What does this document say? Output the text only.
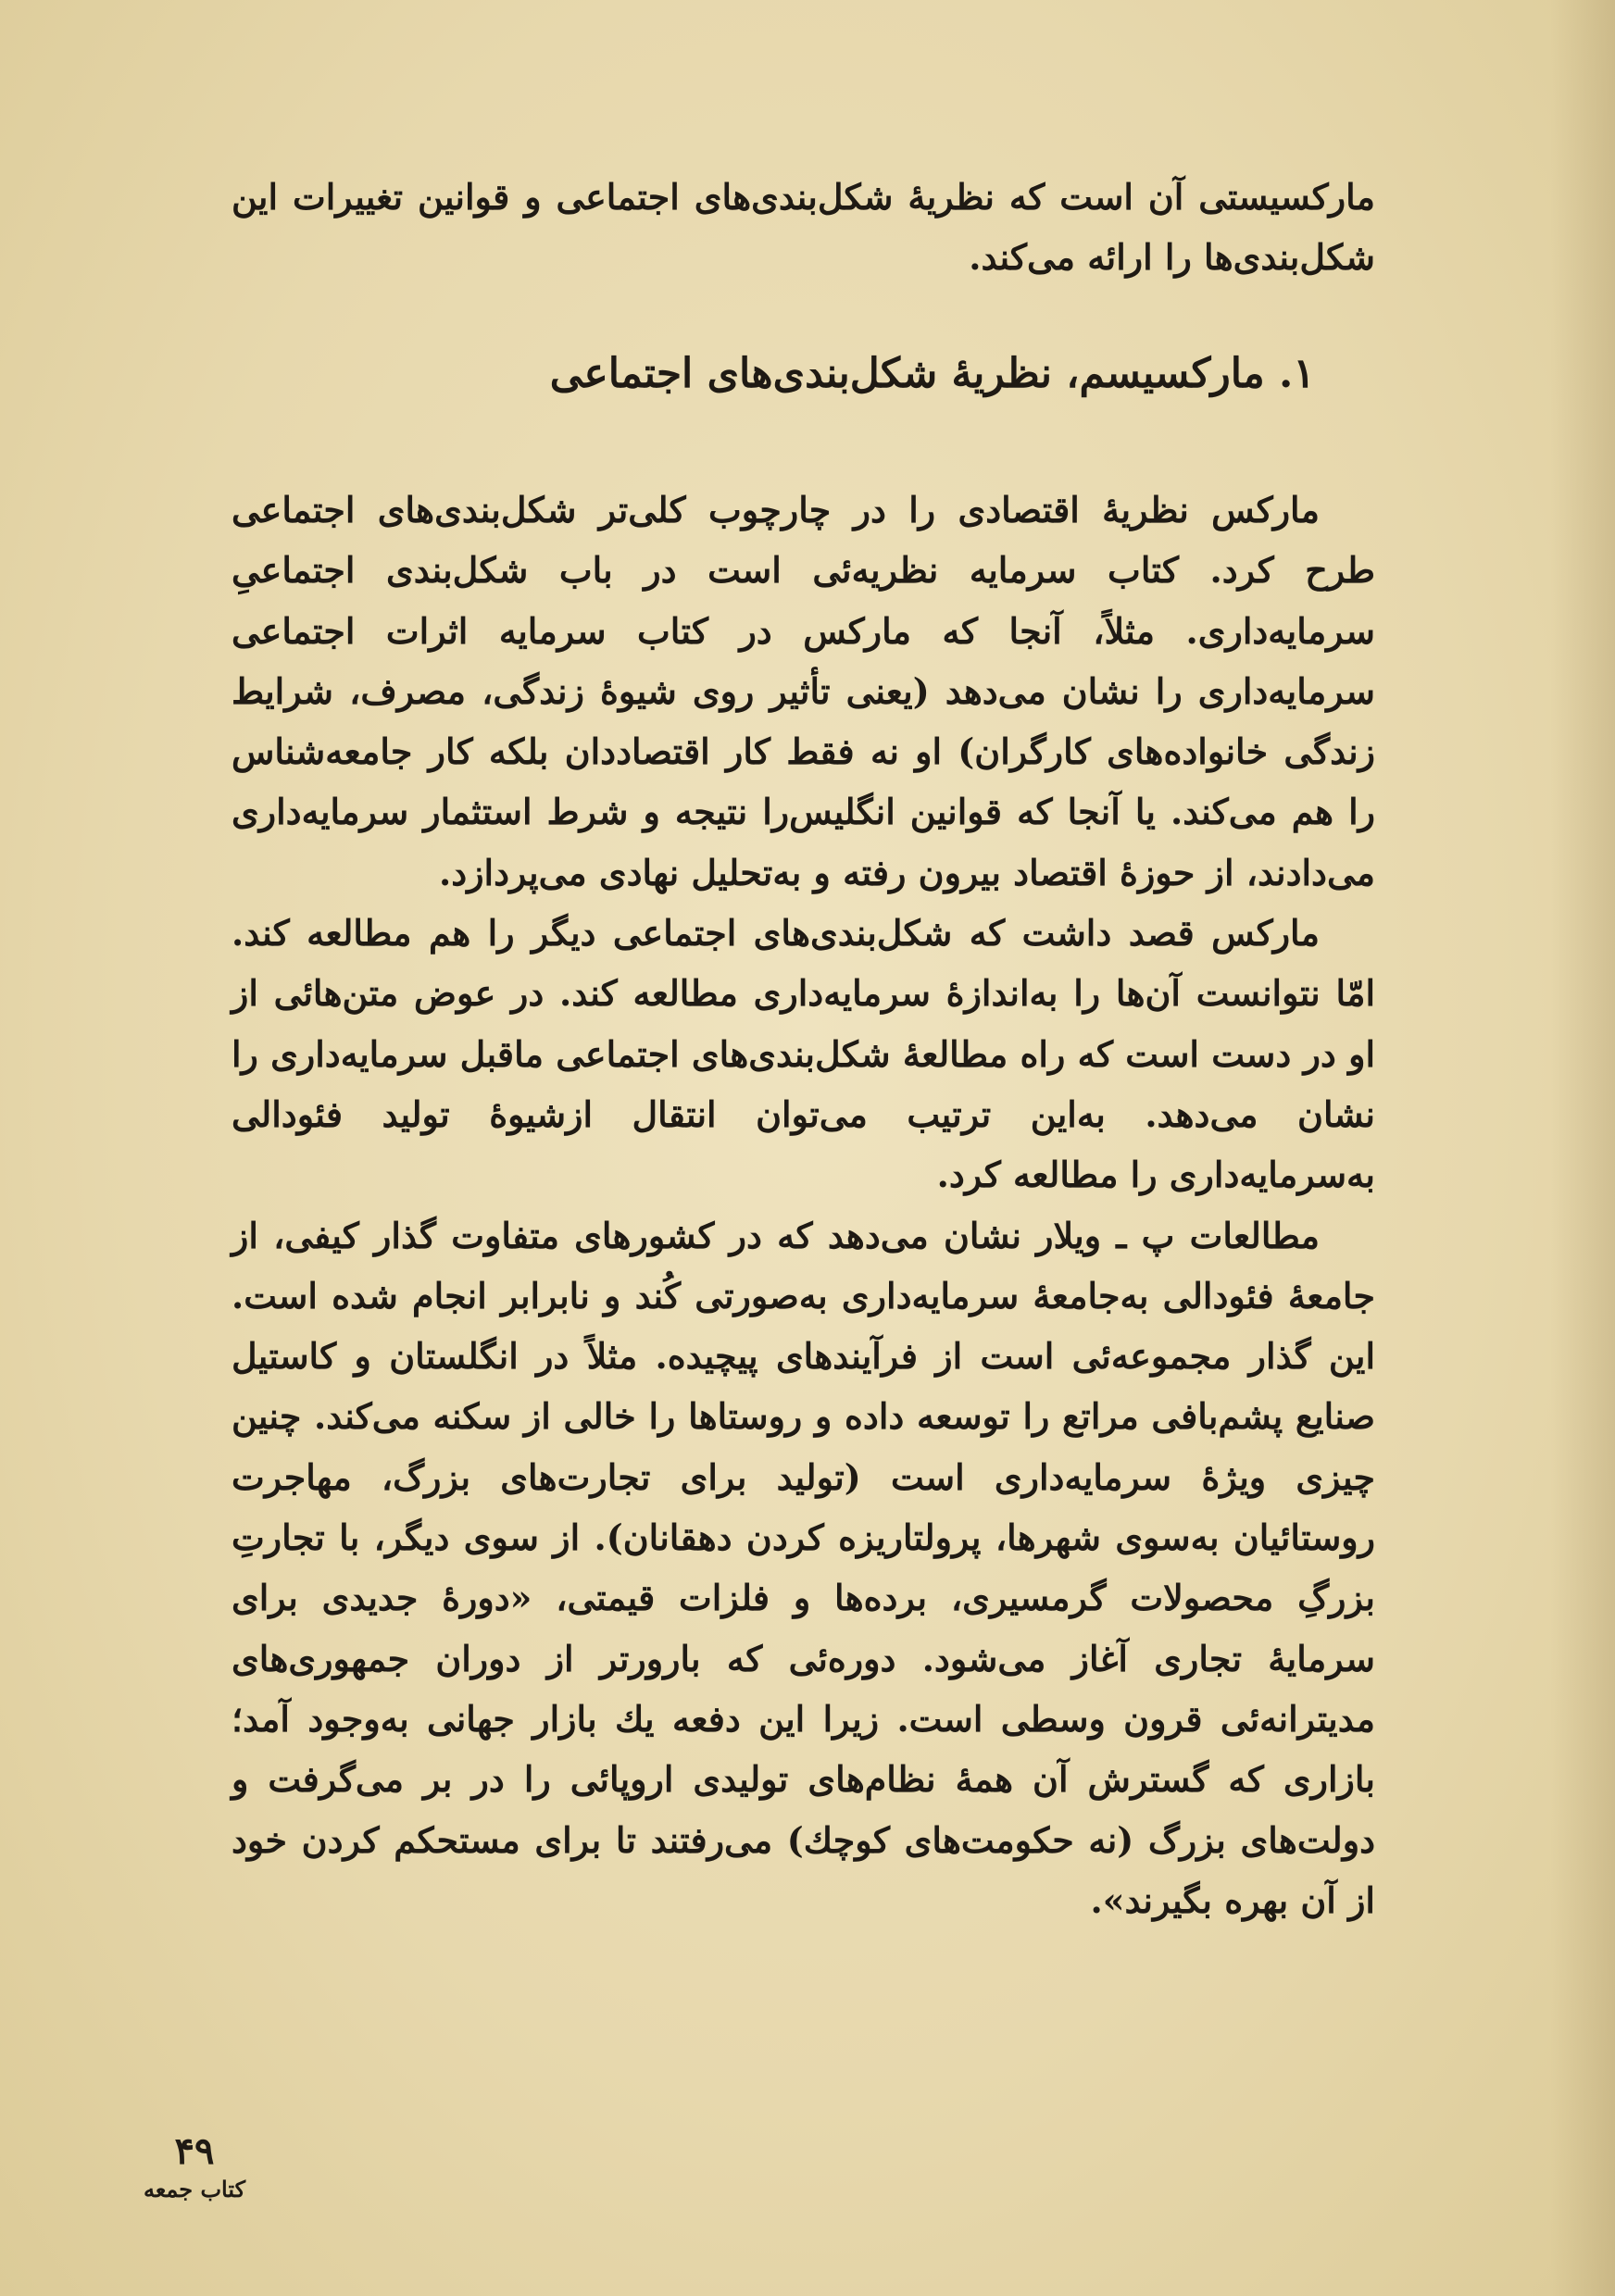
مارکسیستی آن است که نظریهٔ شکل‌بندی‌های اجتماعی و قوانین تغییرات این شکل‌بندی‌ها را ارائه می‌کند.

۱. مارکسیسم، نظریهٔ شکل‌بندی‌های اجتماعی

مارکس نظریهٔ اقتصادی را در چارچوب کلی‌تر شکل‌بندی‌های اجتماعی طرح کرد. کتاب سرمایه نظریه‌ئی است در باب شکل‌بندی اجتماعیِ سرمایه‌داری. مثلاً، آنجا که مارکس در کتاب سرمایه اثرات اجتماعی سرمایه‌داری را نشان می‌دهد (یعنی تأثیر روی شیوهٔ زندگی، مصرف، شرایط زندگی خانواده‌های کارگران) او نه فقط کار اقتصاددان بلکه کار جامعه‌شناس را هم می‌کند. یا آنجا که قوانین انگلیس‌را نتیجه و شرط استثمار سرمایه‌داری می‌دادند، از حوزهٔ اقتصاد بیرون رفته و به‌تحلیل نهادی می‌پردازد.

مارکس قصد داشت که شکل‌بندی‌های اجتماعی دیگر را هم مطالعه کند. امّا نتوانست آن‌ها را به‌اندازهٔ سرمایه‌داری مطالعه کند. در عوض متن‌هائی از او در دست است که راه مطالعهٔ شکل‌بندی‌های اجتماعی ماقبل سرمایه‌داری را نشان می‌دهد. به‌این ترتیب می‌توان انتقال ازشیوهٔ تولید فئودالی به‌سرمایه‌داری را مطالعه کرد.

مطالعات پ ـ ویلار نشان می‌دهد که در کشورهای متفاوت گذار کیفی، از جامعهٔ فئودالی به‌جامعهٔ سرمایه‌داری به‌صورتی کُند و نابرابر انجام شده است. این گذار مجموعه‌ئی است از فرآیندهای پیچیده. مثلاً در انگلستان و کاستیل صنایع پشم‌بافی مراتع را توسعه داده و روستاها را خالی از سکنه می‌کند. چنین چیزی ویژهٔ سرمایه‌داری است (تولید برای تجارت‌های بزرگ، مهاجرت روستائیان به‌سوی شهرها، پرولتاریزه کردن دهقانان). از سوی دیگر، با تجارتِ بزرگِ محصولات گرمسیری، برده‌ها و فلزات قیمتی، «دورهٔ جدیدی برای سرمایهٔ تجاری آغاز می‌شود. دوره‌ئی که بارورتر از دوران جمهوری‌های مدیترانه‌ئی قرون وسطی است. زیرا این دفعه یك بازار جهانی به‌وجود آمد؛ بازاری که گسترش آن همهٔ نظام‌های تولیدی اروپائی را در بر می‌گرفت و دولت‌های بزرگ (نه حکومت‌های کوچك) می‌رفتند تا برای مستحکم کردن خود از آن بهره بگیرند».

۴۹
کتاب جمعه
